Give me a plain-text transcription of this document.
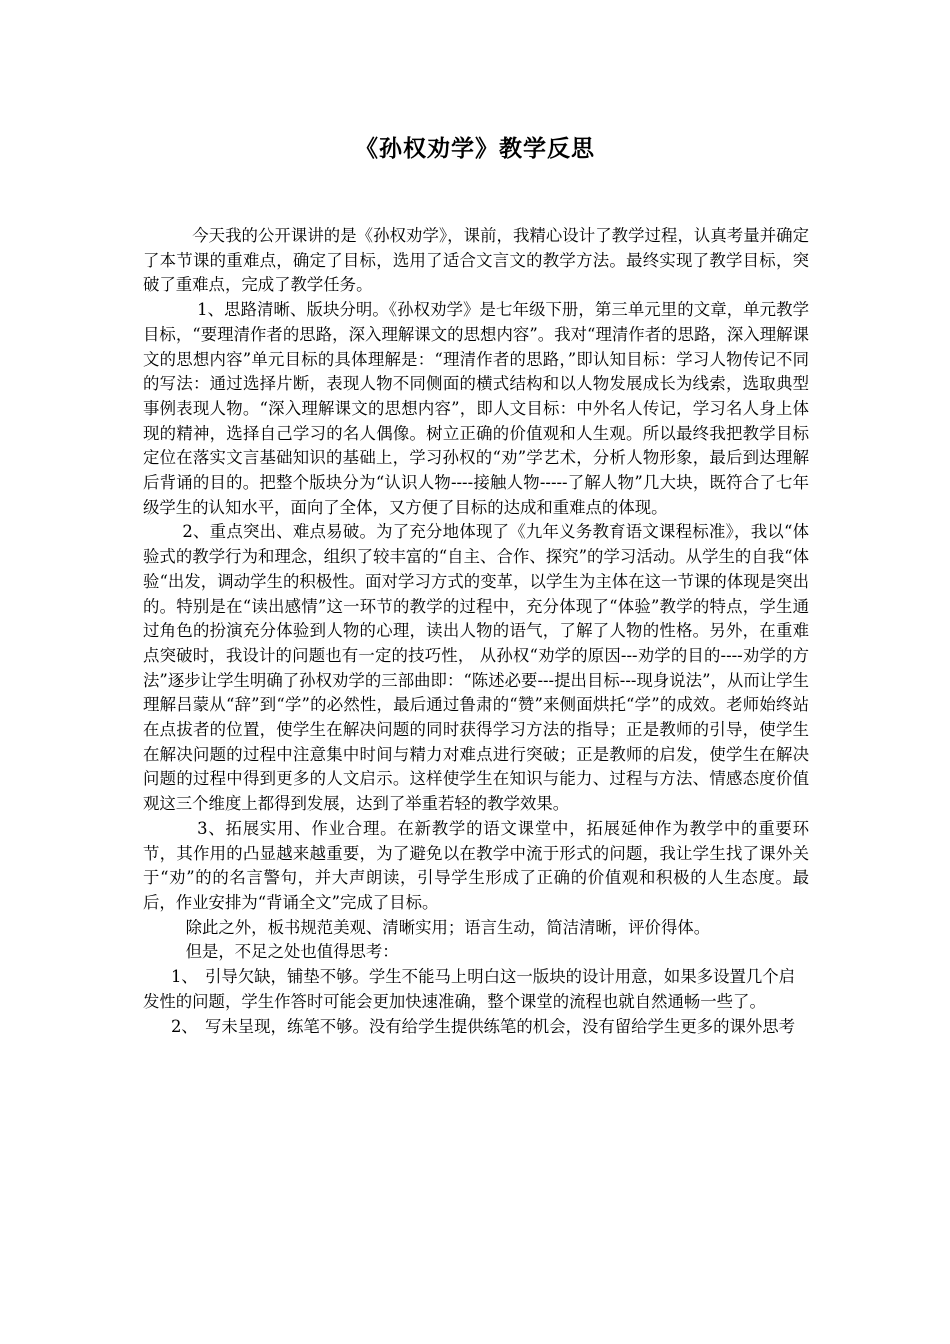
《孙权劝学》教学反思

今天我的公开课讲的是《孙权劝学》，课前，我精心设计了教学过程，认真考量并确定了本节课的重难点，确定了目标，选用了适合文言文的教学方法。最终实现了教学目标，突破了重难点，完成了教学任务。

1、思路清晰、版块分明。《孙权劝学》是七年级下册，第三单元里的文章，单元教学目标，“要理清作者的思路，深入理解课文的思想内容”。我对“理清作者的思路，深入理解课文的思想内容”单元目标的具体理解是：“理清作者的思路，”即认知目标：学习人物传记不同的写法：通过选择片断，表现人物不同侧面的横式结构和以人物发展成长为线索，选取典型事例表现人物。“深入理解课文的思想内容”，即人文目标：中外名人传记，学习名人身上体现的精神，选择自己学习的名人偶像。树立正确的价值观和人生观。所以最终我把教学目标定位在落实文言基础知识的基础上，学习孙权的“劝”学艺术，分析人物形象，最后到达理解后背诵的目的。把整个版块分为“认识人物----接触人物-----了解人物”几大块，既符合了七年级学生的认知水平，面向了全体，又方便了目标的达成和重难点的体现。

2、重点突出、难点易破。为了充分地体现了《九年义务教育语文课程标准》，我以“体验式的教学行为和理念，组织了较丰富的“自主、合作、探究”的学习活动。从学生的自我“体验“出发，调动学生的积极性。面对学习方式的变革，以学生为主体在这一节课的体现是突出的。特别是在“读出感情”这一环节的教学的过程中，充分体现了“体验”教学的特点，学生通过角色的扮演充分体验到人物的心理，读出人物的语气，了解了人物的性格。另外，在重难点突破时，我设计的问题也有一定的技巧性， 从孙权“劝学的原因---劝学的目的----劝学的方法”逐步让学生明确了孙权劝学的三部曲即：“陈述必要---提出目标---现身说法”，从而让学生理解吕蒙从“辞”到“学”的必然性，最后通过鲁肃的“赞”来侧面烘托“学”的成效。老师始终站在点拔者的位置，使学生在解决问题的同时获得学习方法的指导；正是教师的引导，使学生在解决问题的过程中注意集中时间与精力对难点进行突破；正是教师的启发，使学生在解决问题的过程中得到更多的人文启示。这样使学生在知识与能力、过程与方法、情感态度价值观这三个维度上都得到发展，达到了举重若轻的教学效果。

3、拓展实用、作业合理。在新教学的语文课堂中，拓展延伸作为教学中的重要环节，其作用的凸显越来越重要，为了避免以在教学中流于形式的问题，我让学生找了课外关于“劝”的的名言警句，并大声朗读，引导学生形成了正确的价值观和积极的人生态度。最后，作业安排为“背诵全文”完成了目标。

除此之外，板书规范美观、清晰实用；语言生动，简洁清晰，评价得体。

但是，不足之处也值得思考：

1、 引导欠缺，铺垫不够。学生不能马上明白这一版块的设计用意，如果多设置几个启

发性的问题，学生作答时可能会更加快速准确，整个课堂的流程也就自然通畅一些了。

2、 写未呈现，练笔不够。没有给学生提供练笔的机会，没有留给学生更多的课外思考
